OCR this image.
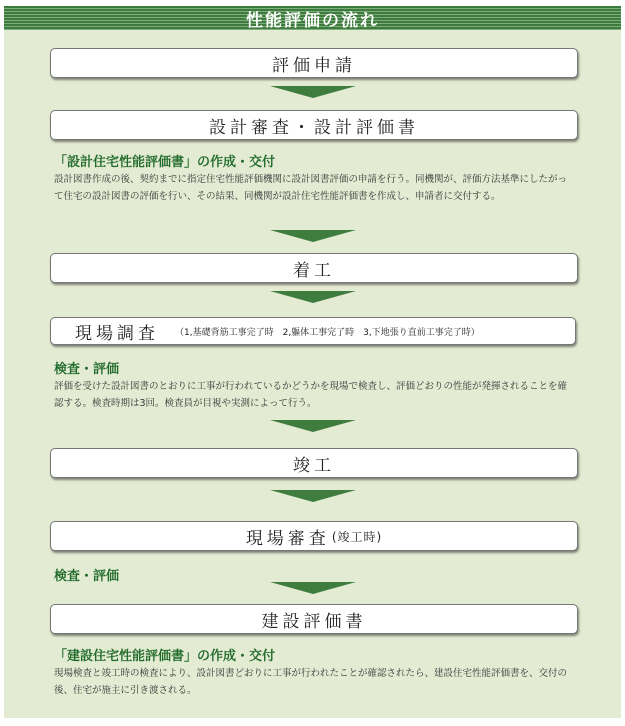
性能評価の流れ
評価申請
設計審査・設計評価書
「設計住宅性能評価書」の作成・交付

設計図書作成の後、契約までに指定住宅性能評価機関に設計図書評価の申請を行う。同機関が、評価方法基準にしたがって住宅の設計図書の評価を行い、その結果、同機関が設計住宅性能評価書を作成し、申請者に交付する。

着工
現場調査 （1,基礎背筋工事完了時　2,軀体工事完了時　3,下地張り直前工事完了時）
検査・評価

評価を受けた設計図書のとおりに工事が行われているかどうかを現場で検査し、評価どおりの性能が発揮されることを確認する。検査時期は3回。検査員が目視や実測によって行う。

竣工
現場審査 (竣工時)
検査・評価
建設評価書
「建設住宅性能評価書」の作成・交付

現場検査と竣工時の検査により、設計図書どおりに工事が行われたことが確認されたら、建設住宅性能評価書を、交付の後、住宅が施主に引き渡される。
